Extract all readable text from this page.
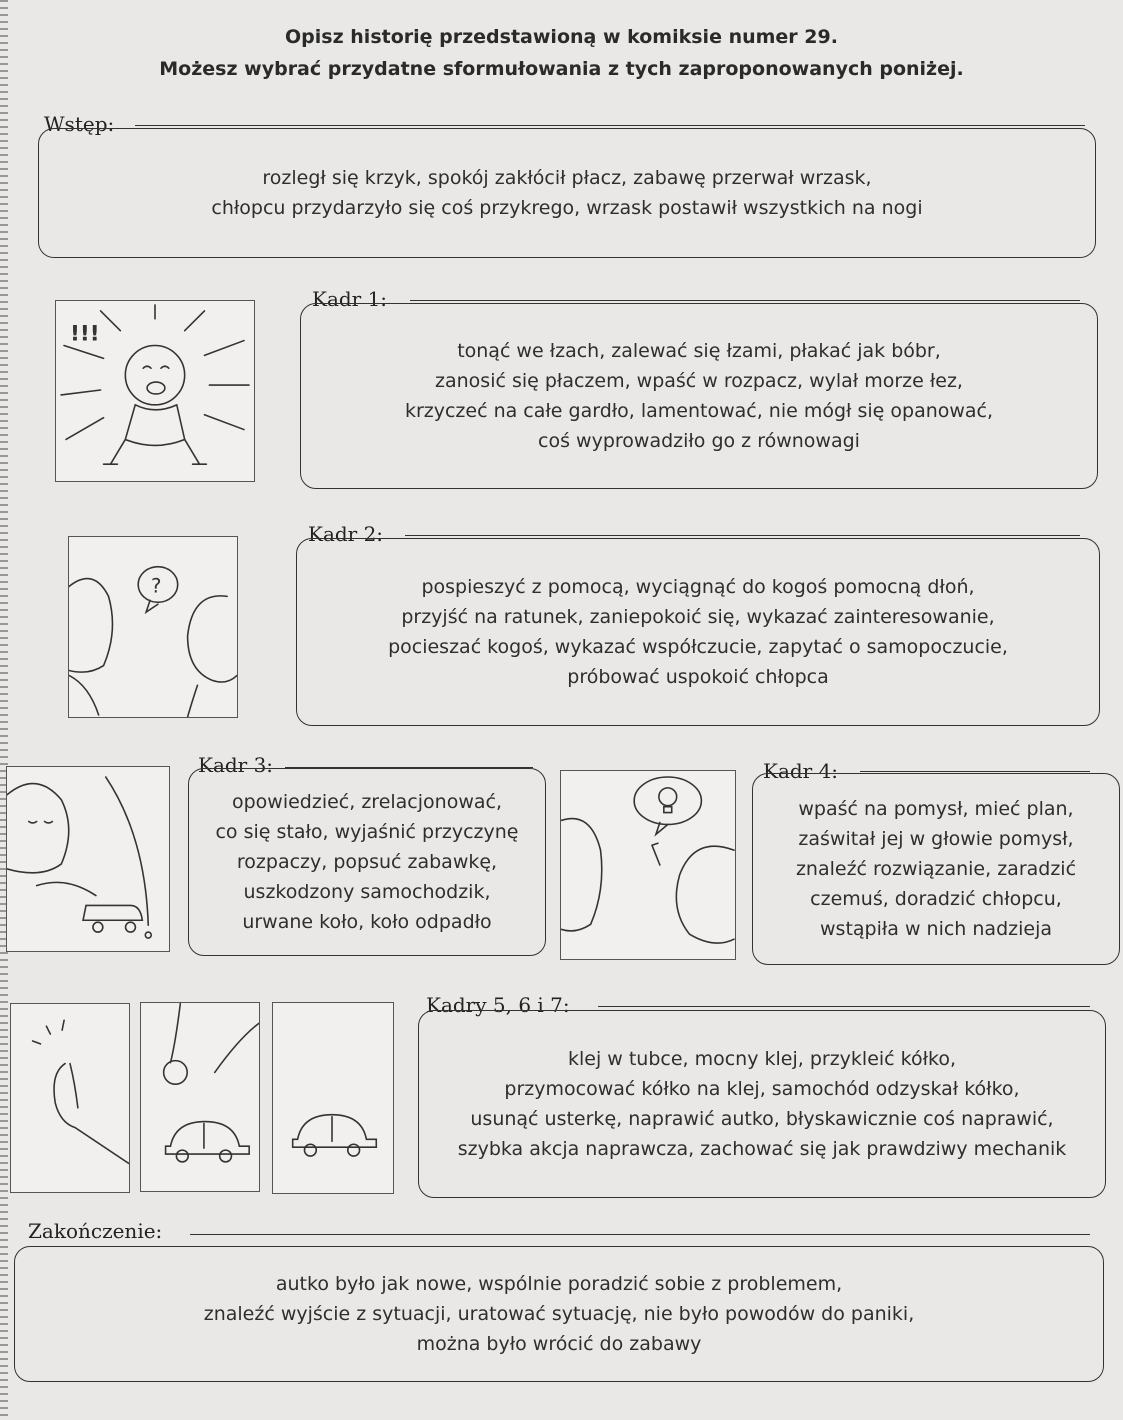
Opisz historię przedstawioną w komiksie numer 29.
Możesz wybrać przydatne sformułowania z tych zaproponowanych poniżej.
Wstęp:
rozległ się krzyk, spokój zakłócił płacz, zabawę przerwał wrzask,
chłopcu przydarzyło się coś przykrego, wrzask postawił wszystkich na nogi
!!!
Kadr 1:
tonąć we łzach, zalewać się łzami, płakać jak bóbr,
zanosić się płaczem, wpaść w rozpacz, wylał morze łez,
krzyczeć na całe gardło, lamentować, nie mógł się opanować,
coś wyprowadziło go z równowagi
?
Kadr 2:
pospieszyć z pomocą, wyciągnąć do kogoś pomocną dłoń,
przyjść na ratunek, zaniepokoić się, wykazać zainteresowanie,
pocieszać kogoś, wykazać współczucie, zapytać o samopoczucie,
próbować uspokoić chłopca
Kadr 3:
opowiedzieć, zrelacjonować,
co się stało, wyjaśnić przyczynę
rozpaczy, popsuć zabawkę,
uszkodzony samochodzik,
urwane koło, koło odpadło
Kadr 4:
wpaść na pomysł, mieć plan,
zaświtał jej w głowie pomysł,
znaleźć rozwiązanie, zaradzić
czemuś, doradzić chłopcu,
wstąpiła w nich nadzieja
Kadry 5, 6 i 7:
klej w tubce, mocny klej, przykleić kółko,
przymocować kółko na klej, samochód odzyskał kółko,
usunąć usterkę, naprawić autko, błyskawicznie coś naprawić,
szybka akcja naprawcza, zachować się jak prawdziwy mechanik
Zakończenie:
autko było jak nowe, wspólnie poradzić sobie z problemem,
znaleźć wyjście z sytuacji, uratować sytuację, nie było powodów do paniki,
można było wrócić do zabawy
